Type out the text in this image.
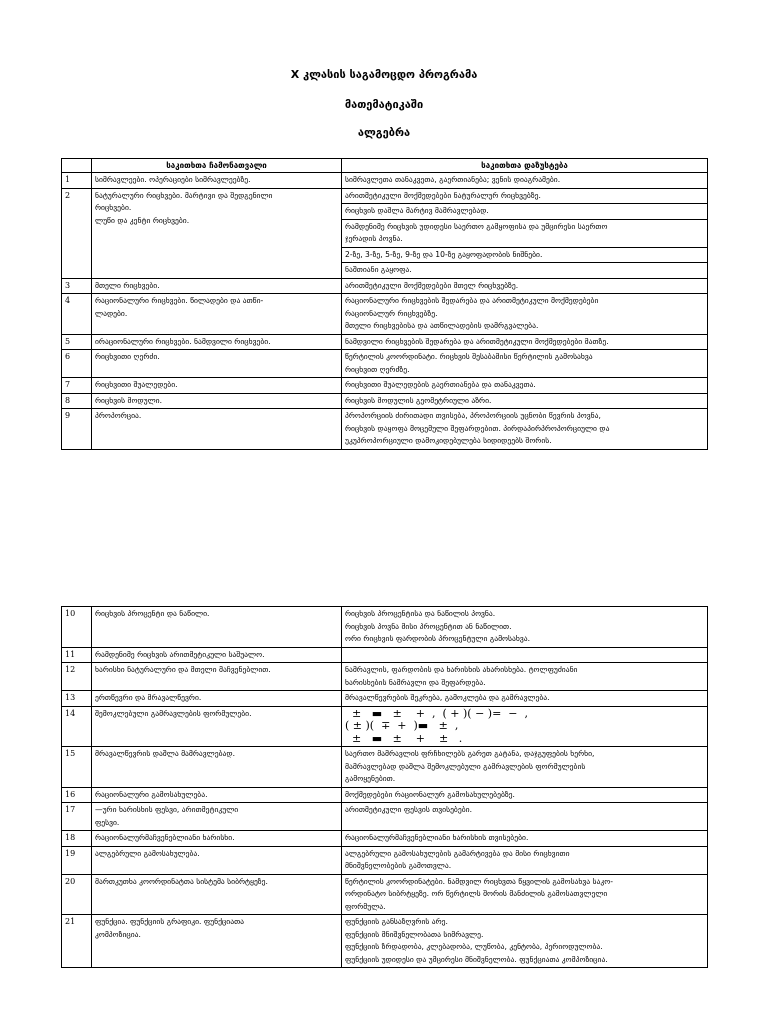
X კლასის საგამოცდო პროგრამა
მათემატიკაში
ალგებრა
	საკითხთა ჩამონათვალი	საკითხთა დაზუსტება
1	სიმრავლეები. ოპერაციები სიმრავლეებზე.	სიმრავლეთა თანაკვეთა, გაერთიანება; ვენის დიაგრამები.

2	ნატურალური რიცხვები. მარტივი და შედგენილი
რიცხვები.
ლუწი და კენტი რიცხვები.	არითმეტიკული მოქმედებები ნატურალურ რიცხვებზე.

		რიცხვის დაშლა მარტივ მამრავლებად.

		რამდენიმე რიცხვის უდიდესი საერთო გამყოფისა და უმცირესი საერთო
ჯერადის პოვნა.

		2-ზე, 3-ზე, 5-ზე, 9-ზე და 10-ზე გაყოფადობის ნიშნები.

		ნაშთიანი გაყოფა.

3	მთელი რიცხვები.	არითმეტიკული მოქმედებები მთელ რიცხვებზე.

4	რაციონალური რიცხვები. წილადები და ათწი-
ლადები.	რაციონალური რიცხვების შედარება და არითმეტიკული მოქმედებები
რაციონალურ რიცხვებზე.
მთელი რიცხვებისა და ათწილადების დამრგვალება.

5	ირაციონალური რიცხვები. ნამდვილი რიცხვები.	ნამდვილი რიცხვების შედარება და არითმეტიკული მოქმედებები მათზე.

6	რიცხვითი ღერძი.	წერტილის კოორდინატი. რიცხვის შესაბამისი წერტილის გამოსახვა
რიცხვით ღერძზე.

7	რიცხვითი შუალედები.	რიცხვითი შუალედების გაერთიანება და თანაკვეთა.

8	რიცხვის მოდული.	რიცხვის მოდულის გეომეტრიული აზრი.

9	პროპორცია.	პროპორციის ძირითადი თვისება, პროპორციის უცნობი წევრის პოვნა,
რიცხვის დაყოფა მოცემული შეფარდებით. პირდაპირპროპორციული და
უკუპროპორციული დამოკიდებულება სიდიდეებს შორის.
10	რიცხვის პროცენტი და ნაწილი.	რიცხვის პროცენტისა და ნაწილის პოვნა.
რიცხვის პოვნა მისი პროცენტით ან ნაწილით.
ორი რიცხვის ფარდობის პროცენტული გამოსახვა.

11	რამდენიმე რიცხვის არითმეტიკული საშუალო.	

12	ხარისხი ნატურალური და მთელი მაჩვენებლით.	ნამრავლის, ფარდობის და ხარისხის ახარისხება. ტოლფუძიანი
ხარისხების ნამრავლი და შეფარდება.

13	ერთწევრი და მრავალწევრი.	მრავალწევრების შეკრება, გამოკლება და გამრავლება.

14	შემოკლებული გამრავლების ფორმულები.	±   ▬   ±    +  ,  ( + )( − )=  −  ,
( ± )(  ∓  +  )▬   ±  ,
±   ▬   ±    +    ±   .

15	მრავალწევრის დაშლა მამრავლებად.	საერთო მამრავლის ფრჩხილებს გარეთ გატანა, დაჯგუფების ხერხი,
მამრავლებად დაშლა შემოკლებული გამრავლების ფორმულების
გამოყენებით.

16	რაციონალური გამოსახულება.	მოქმედებები რაციონალურ გამოსახულებებზე.

17	—ური ხარისხის ფესვი, არითმეტიკული
ფესვი.	არითმეტიკული ფესვის თვისებები.

18	რაციონალურმაჩვენებლიანი ხარისხი.	რაციონალურმაჩვენებლიანი ხარისხის თვისებები.

19	ალგებრული გამოსახულება.	ალგებრული გამოსახულების გამარტივება და მისი რიცხვითი
მნიშვნელობების გამოთვლა.

20	მართკუთხა კოორდინატთა სისტემა სიბრტყეზე.	წერტილის კოორდინატები. ნამდვილ რიცხვთა წყვილის გამოსახვა საკო-
ორდინატო სიბრტყეზე. ორ წერტილს შორის მანძილის გამოსათვლელი
ფორმულა.

21	ფუნქცია. ფუნქციის გრაფიკი. ფუნქციათა
კომპოზიცია.	ფუნქციის განსაზღვრის არე.
ფუნქციის მნიშვნელობათა სიმრავლე.
ფუნქციის ზრდადობა, კლებადობა, ლუწობა, კენტობა, პერიოდულობა.
ფუნქციის უდიდესი და უმცირესი მნიშვნელობა. ფუნქციათა კომპოზიცია.
